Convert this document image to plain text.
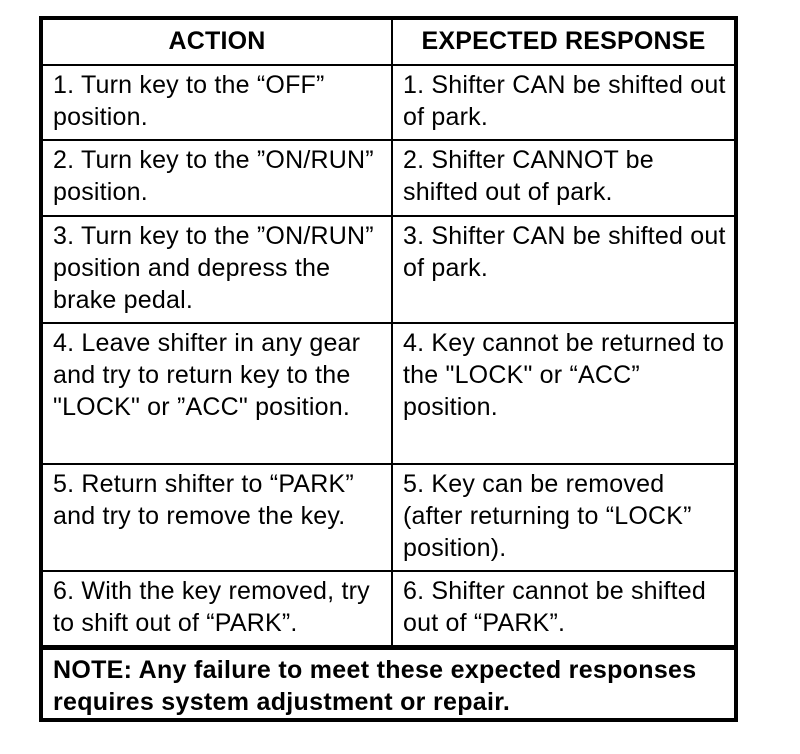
ACTION	EXPECTED RESPONSE
1. Turn key to the “OFF” position.	1. Shifter CAN be shifted out of park.
2. Turn key to the ”ON/RUN” position.	2. Shifter CANNOT be shifted out of park.
3. Turn key to the ”ON/RUN” position and depress the brake pedal.	3. Shifter CAN be shifted out of park.
4. Leave shifter in any gear and try to return key to the "LOCK" or ”ACC" position.	4. Key cannot be returned to the "LOCK" or “ACC” position.
5. Return shifter to “PARK” and try to remove the key.	5. Key can be removed (after returning to “LOCK” position).
6. With the key removed, try to shift out of “PARK”.	6. Shifter cannot be shifted out of “PARK”.
NOTE: Any failure to meet these expected responses requires system adjustment or repair.
